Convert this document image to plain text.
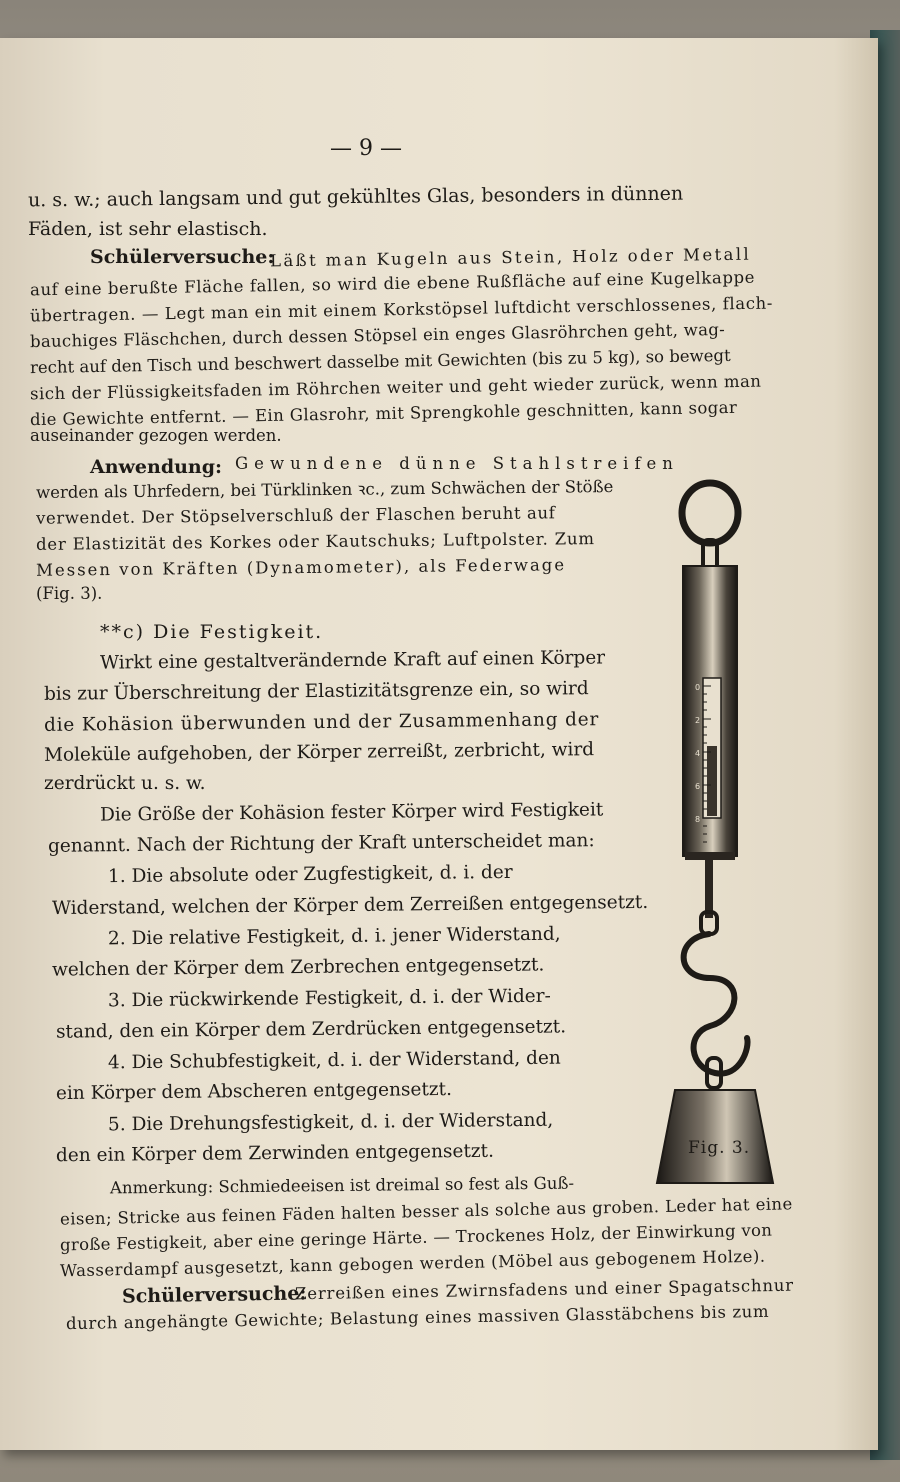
— 9 —
u. s. w.; auch langsam und gut gekühltes Glas, besonders in dünnen
Fäden, ist sehr elastisch.
Schülerversuche:
Läßt man Kugeln aus Stein, Holz oder Metall
auf eine berußte Fläche fallen, so wird die ebene Rußfläche auf eine Kugelkappe
übertragen. — Legt man ein mit einem Korkstöpsel luftdicht verschlossenes, flach-
bauchiges Fläschchen, durch dessen Stöpsel ein enges Glasröhrchen geht, wag-
recht auf den Tisch und beschwert dasselbe mit Gewichten (bis zu 5 kg), so bewegt
sich der Flüssigkeitsfaden im Röhrchen weiter und geht wieder zurück, wenn man
die Gewichte entfernt. — Ein Glasrohr, mit Sprengkohle geschnitten, kann sogar
auseinander gezogen werden.
Anwendung: Gewundene dünne Stahlstreifen
werden als Uhrfedern, bei Türklinken ꝛc., zum Schwächen der Stöße
verwendet. Der Stöpselverschluß der Flaschen beruht auf
der Elastizität des Korkes oder Kautschuks; Luftpolster. Zum
Messen von Kräften (Dynamometer), als Federwage
(Fig. 3).
**c) Die Festigkeit.
Wirkt eine gestaltverändernde Kraft auf einen Körper
bis zur Überschreitung der Elastizitätsgrenze ein, so wird
die Kohäsion überwunden und der Zusammenhang der
Moleküle aufgehoben, der Körper zerreißt, zerbricht, wird
zerdrückt u. s. w.
Die Größe der Kohäsion fester Körper wird Festigkeit
genannt. Nach der Richtung der Kraft unterscheidet man:
1. Die absolute oder Zugfestigkeit, d. i. der
Widerstand, welchen der Körper dem Zerreißen entgegensetzt.
2. Die relative Festigkeit, d. i. jener Widerstand,
welchen der Körper dem Zerbrechen entgegensetzt.
3. Die rückwirkende Festigkeit, d. i. der Wider-
stand, den ein Körper dem Zerdrücken entgegensetzt.
4. Die Schubfestigkeit, d. i. der Widerstand, den
ein Körper dem Abscheren entgegensetzt.
5. Die Drehungsfestigkeit, d. i. der Widerstand,
den ein Körper dem Zerwinden entgegensetzt.
Anmerkung: Schmiedeeisen ist dreimal so fest als Guß-
eisen; Stricke aus feinen Fäden halten besser als solche aus groben. Leder hat eine
große Festigkeit, aber eine geringe Härte. — Trockenes Holz, der Einwirkung von
Wasserdampf ausgesetzt, kann gebogen werden (Möbel aus gebogenem Holze).
Schülerversuche:
Zerreißen eines Zwirnsfadens und einer Spagatschnur
durch angehängte Gewichte; Belastung eines massiven Glasstäbchens bis zum
0
2
4
6
8
Fig. 3.
